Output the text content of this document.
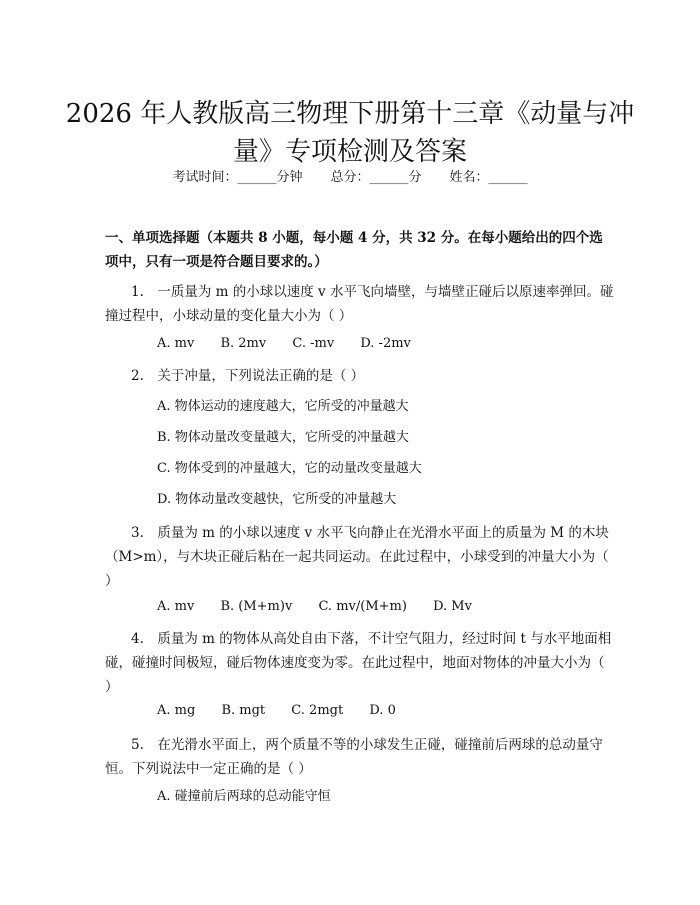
2026 年人教版高三物理下册第十三章《动量与冲量》专项检测及答案
考试时间：______分钟 总分：______分 姓名：______
一、单项选择题（本题共 8 小题，每小题 4 分，共 32 分。在每小题给出的四个选项中，只有一项是符合题目要求的。）
1.　一质量为 m 的小球以速度 v 水平飞向墙壁，与墙壁正碰后以原速率弹回。碰撞过程中，小球动量的变化量大小为（ ）
A. mv B. 2mv C. -mv D. -2mv
2.　关于冲量，下列说法正确的是（ ）
A. 物体运动的速度越大，它所受的冲量越大
B. 物体动量改变量越大，它所受的冲量越大
C. 物体受到的冲量越大，它的动量改变量越大
D. 物体动量改变越快，它所受的冲量越大
3.　质量为 m 的小球以速度 v 水平飞向静止在光滑水平面上的质量为 M 的木块（M>m），与木块正碰后粘在一起共同运动。在此过程中，小球受到的冲量大小为（ ）
A. mv B. (M+m)v C. mv/(M+m) D. Mv
4.　质量为 m 的物体从高处自由下落，不计空气阻力，经过时间 t 与水平地面相碰，碰撞时间极短，碰后物体速度变为零。在此过程中，地面对物体的冲量大小为（ ）
A. mg B. mgt C. 2mgt D. 0
5.　在光滑水平面上，两个质量不等的小球发生正碰，碰撞前后两球的总动量守恒。下列说法中一定正确的是（ ）
A. 碰撞前后两球的总动能守恒
